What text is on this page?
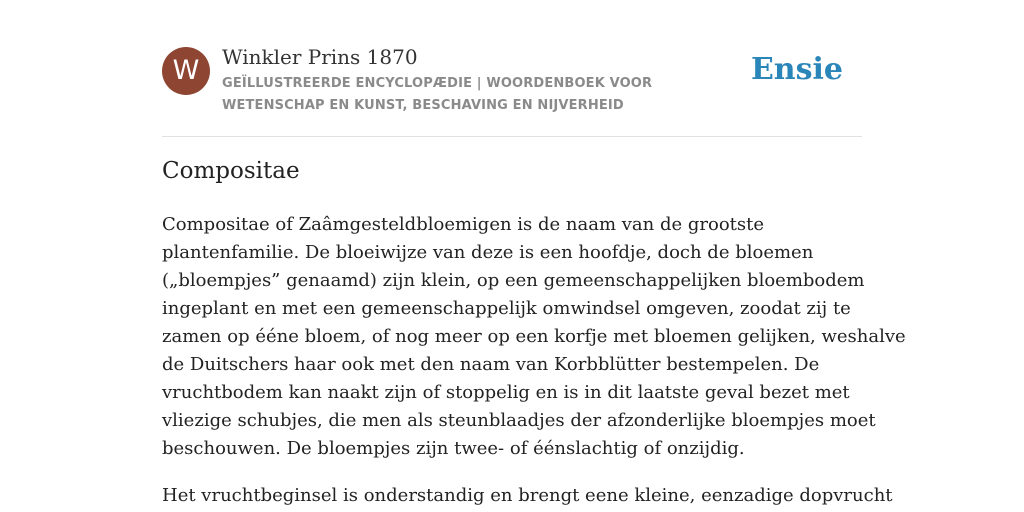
W	Winkler Prins 1870
GEÏLLUSTREERDE ENCYCLOPÆDIE | WOORDENBOEK VOOR WETENSCHAP EN KUNST, BESCHAVING EN NIJVERHEID
Ensie
Compositae

Compositae of Zaâmgesteldbloemigen is de naam van de grootste
plantenfamilie. De bloeiwijze van deze is een hoofdje, doch de bloemen
(„bloempjes” genaamd) zijn klein, op een gemeenschappelijken bloembodem
ingeplant en met een gemeenschappelijk omwindsel omgeven, zoodat zij te
zamen op ééne bloem, of nog meer op een korfje met bloemen gelijken, weshalve
de Duitschers haar ook met den naam van Korbblütter bestempelen. De
vruchtbodem kan naakt zijn of stoppelig en is in dit laatste geval bezet met
vliezige schubjes, die men als steunblaadjes der afzonderlijke bloempjes moet
beschouwen. De bloempjes zijn twee- of éénslachtig of onzijdig.

Het vruchtbeginsel is onderstandig en brengt eene kleine, eenzadige dopvrucht
